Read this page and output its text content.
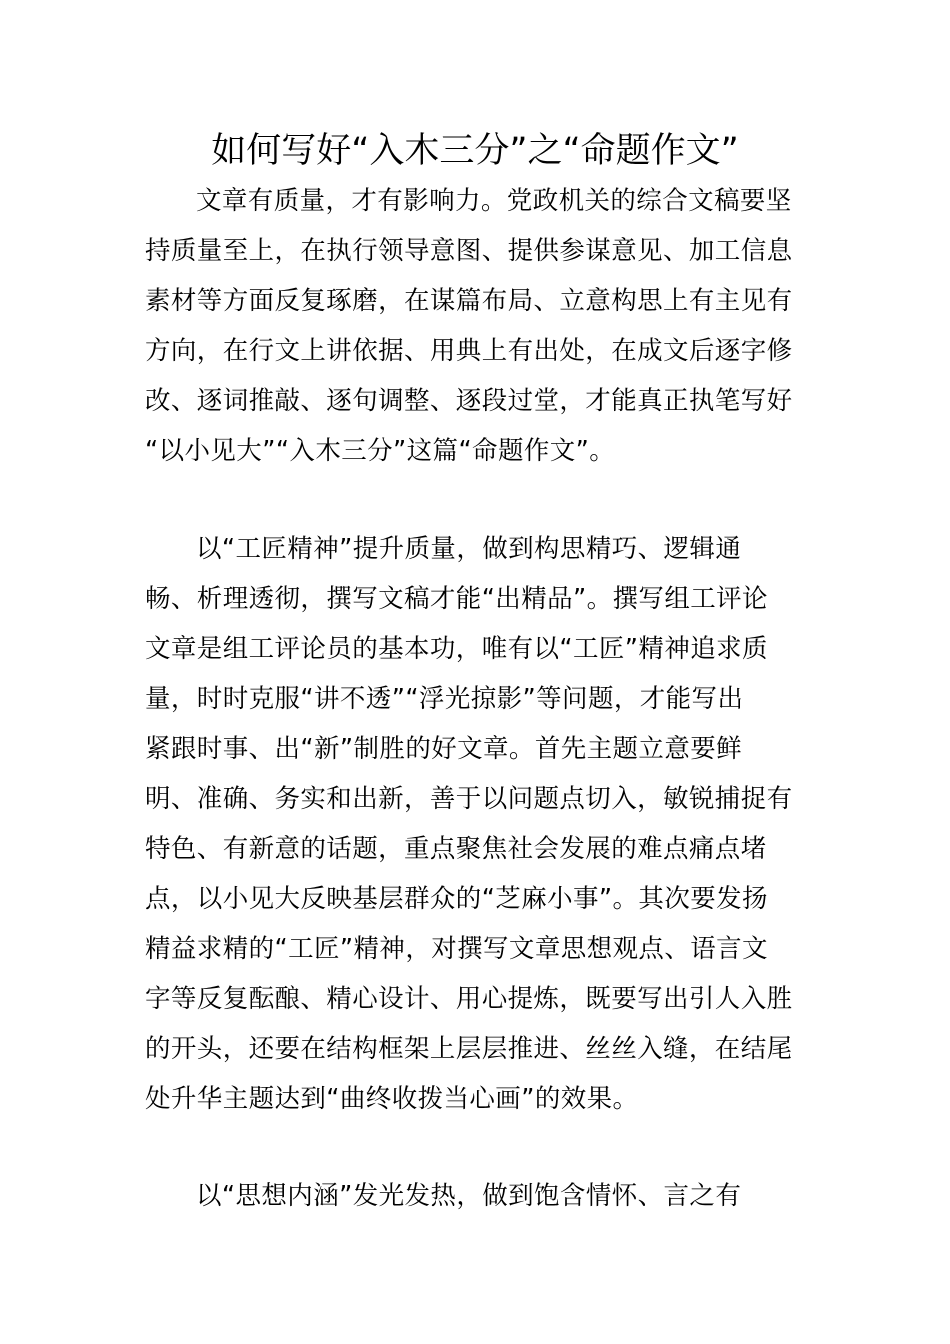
如何写好“入木三分”之“命题作文”
文章有质量，才有影响力。党政机关的综合文稿要坚
持质量至上，在执行领导意图、提供参谋意见、加工信息
素材等方面反复琢磨，在谋篇布局、立意构思上有主见有
方向，在行文上讲依据、用典上有出处，在成文后逐字修
改、逐词推敲、逐句调整、逐段过堂，才能真正执笔写好
“以小见大”“入木三分”这篇“命题作文”。
以“工匠精神”提升质量，做到构思精巧、逻辑通
畅、析理透彻，撰写文稿才能“出精品”。撰写组工评论
文章是组工评论员的基本功，唯有以“工匠”精神追求质
量，时时克服“讲不透”“浮光掠影”等问题，才能写出
紧跟时事、出“新”制胜的好文章。首先主题立意要鲜
明、准确、务实和出新，善于以问题点切入，敏锐捕捉有
特色、有新意的话题，重点聚焦社会发展的难点痛点堵
点，以小见大反映基层群众的“芝麻小事”。其次要发扬
精益求精的“工匠”精神，对撰写文章思想观点、语言文
字等反复酝酿、精心设计、用心提炼，既要写出引人入胜
的开头，还要在结构框架上层层推进、丝丝入缝，在结尾
处升华主题达到“曲终收拨当心画”的效果。
以“思想内涵”发光发热，做到饱含情怀、言之有
